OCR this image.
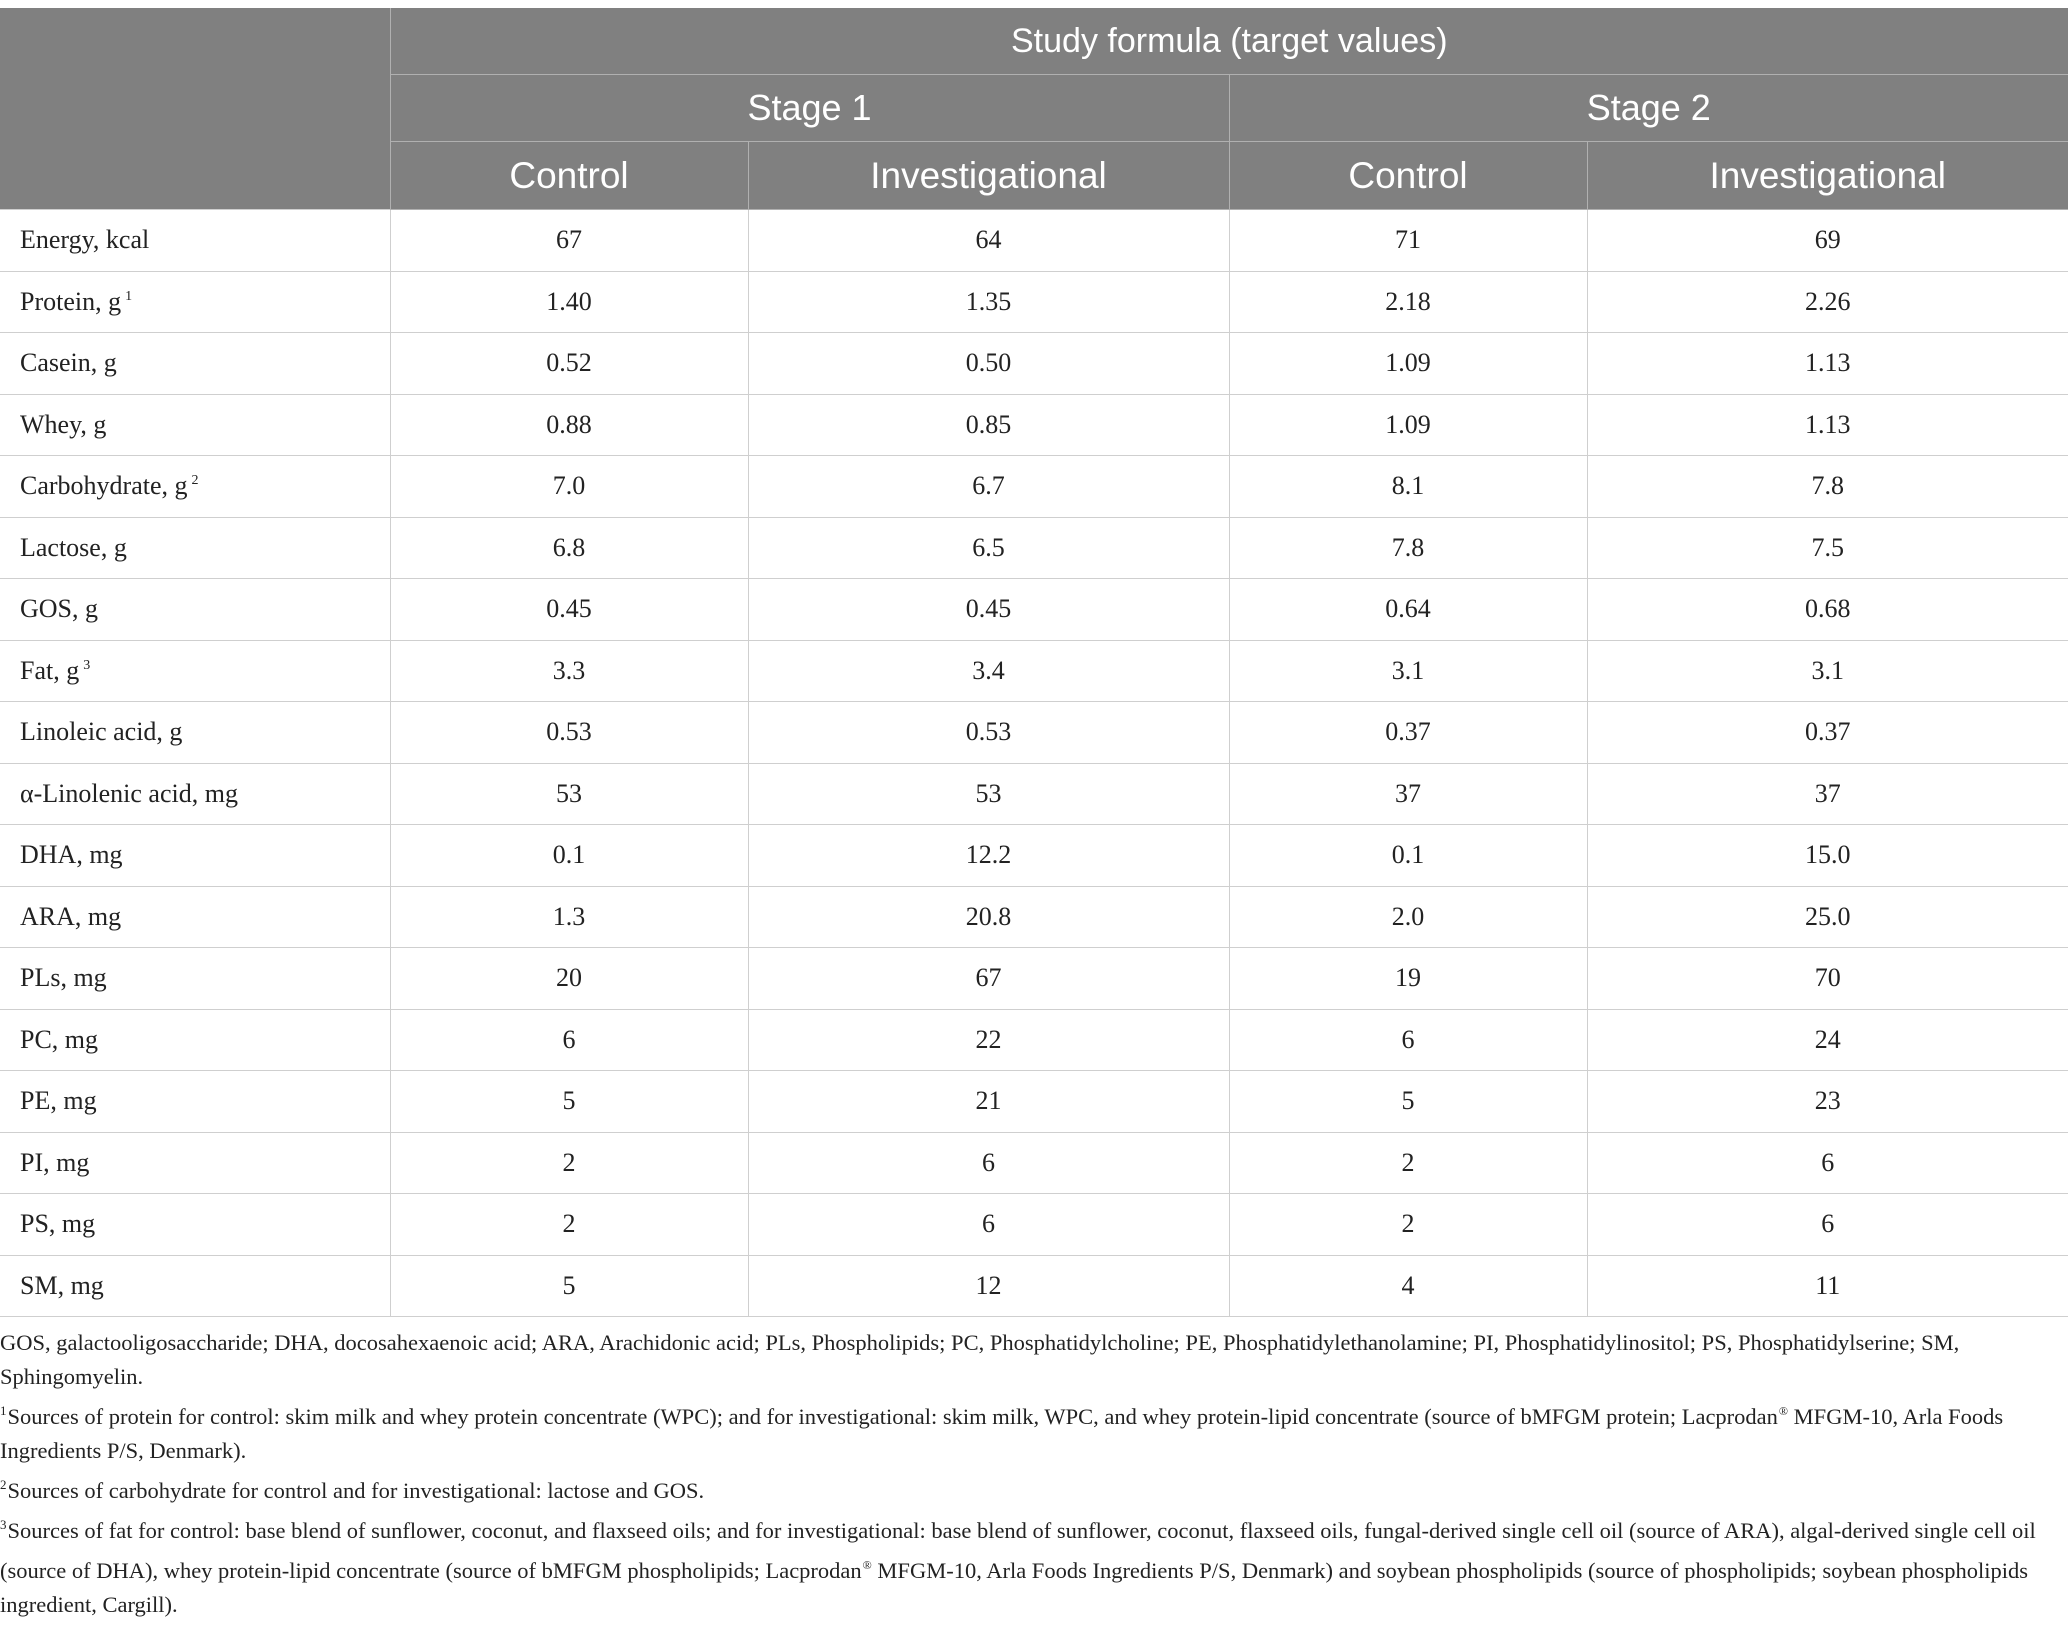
	Study formula (target values)			
	Stage 1		Stage 2	
	Control	Investigational	Control	Investigational
Energy, kcal	67	64	71	69
Protein, g $^1$	1.40	1.35	2.18	2.26
Casein, g	0.52	0.50	1.09	1.13
Whey, g	0.88	0.85	1.09	1.13
Carbohydrate, g $^2$	7.0	6.7	8.1	7.8
Lactose, g	6.8	6.5	7.8	7.5
GOS, g	0.45	0.45	0.64	0.68
Fat, g $^3$	3.3	3.4	3.1	3.1
Linoleic acid, g	0.53	0.53	0.37	0.37
α-Linolenic acid, mg	53	53	37	37
DHA, mg	0.1	12.2	0.1	15.0
ARA, mg	1.3	20.8	2.0	25.0
PLs, mg	20	67	19	70
PC, mg	6	22	6	24
PE, mg	5	21	5	23
PI, mg	2	6	2	6
PS, mg	2	6	2	6
SM, mg	5	12	4	11

GOS, galactooligosaccharide; DHA, docosahexaenoic acid; ARA, Arachidonic acid; PLs, Phospholipids; PC, Phosphatidylcholine; PE, Phosphatidylethanolamine; PI, Phosphatidylinositol; PS, Phosphatidylserine; SM, Sphingomyelin.

$^1$Sources of protein for control: skim milk and whey protein concentrate (WPC); and for investigational: skim milk, WPC, and whey protein-lipid concentrate (source of bMFGM protein; Lacprodan® MFGM-10, Arla Foods Ingredients P/S, Denmark).

$^2$Sources of carbohydrate for control and for investigational: lactose and GOS.

$^3$Sources of fat for control: base blend of sunflower, coconut, and flaxseed oils; and for investigational: base blend of sunflower, coconut, flaxseed oils, fungal-derived single cell oil (source of ARA), algal-derived single cell oil (source of DHA), whey protein-lipid concentrate (source of bMFGM phospholipids; Lacprodan® MFGM-10, Arla Foods Ingredients P/S, Denmark) and soybean phospholipids (source of phospholipids; soybean phospholipids ingredient, Cargill).
